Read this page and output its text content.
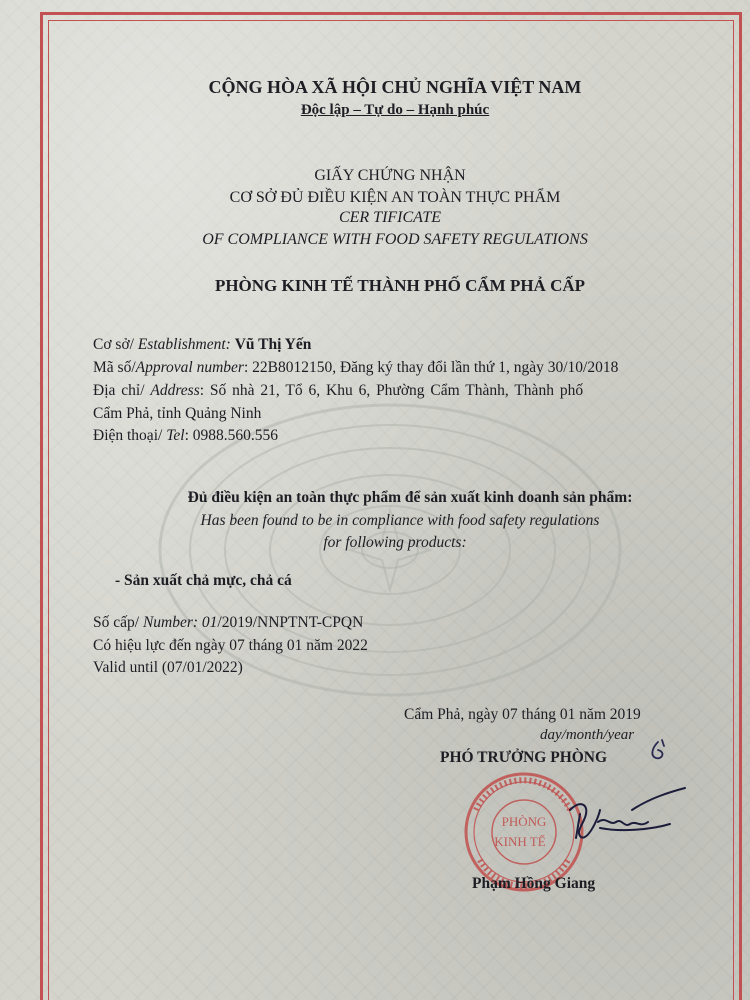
CỘNG HÒA XÃ HỘI CHỦ NGHĨA VIỆT NAM
Độc lập – Tự do – Hạnh phúc
GIẤY CHỨNG NHẬN
CƠ SỞ ĐỦ ĐIỀU KIỆN AN TOÀN THỰC PHẨM
CER TIFICATE
OF COMPLIANCE WITH FOOD SAFETY REGULATIONS
PHÒNG KINH TẾ THÀNH PHỐ CẨM PHẢ CẤP
Cơ sở/ Establishment: Vũ Thị Yến
Mã số/Approval number: 22B8012150, Đăng ký thay đổi lần thứ 1, ngày 30/10/2018
Địa chỉ/ Address: Số nhà 21, Tổ 6, Khu 6, Phường Cẩm Thành, Thành phố
Cẩm Phả, tỉnh Quảng Ninh
Điện thoại/ Tel: 0988.560.556
Đủ điều kiện an toàn thực phẩm để sản xuất kinh doanh sản phẩm:
Has been found to be in compliance with food safety regulations
for following products:
- Sản xuất chả mực, chả cá
Số cấp/ Number: 01/2019/NNPTNT-CPQN
Có hiệu lực đến ngày 07 tháng 01 năm 2022
Valid until (07/01/2022)
Cẩm Phả, ngày 07 tháng 01 năm 2019
day/month/year
PHÓ TRƯỞNG PHÒNG
PHÒNG
KINH TẾ
Phạm Hồng Giang
